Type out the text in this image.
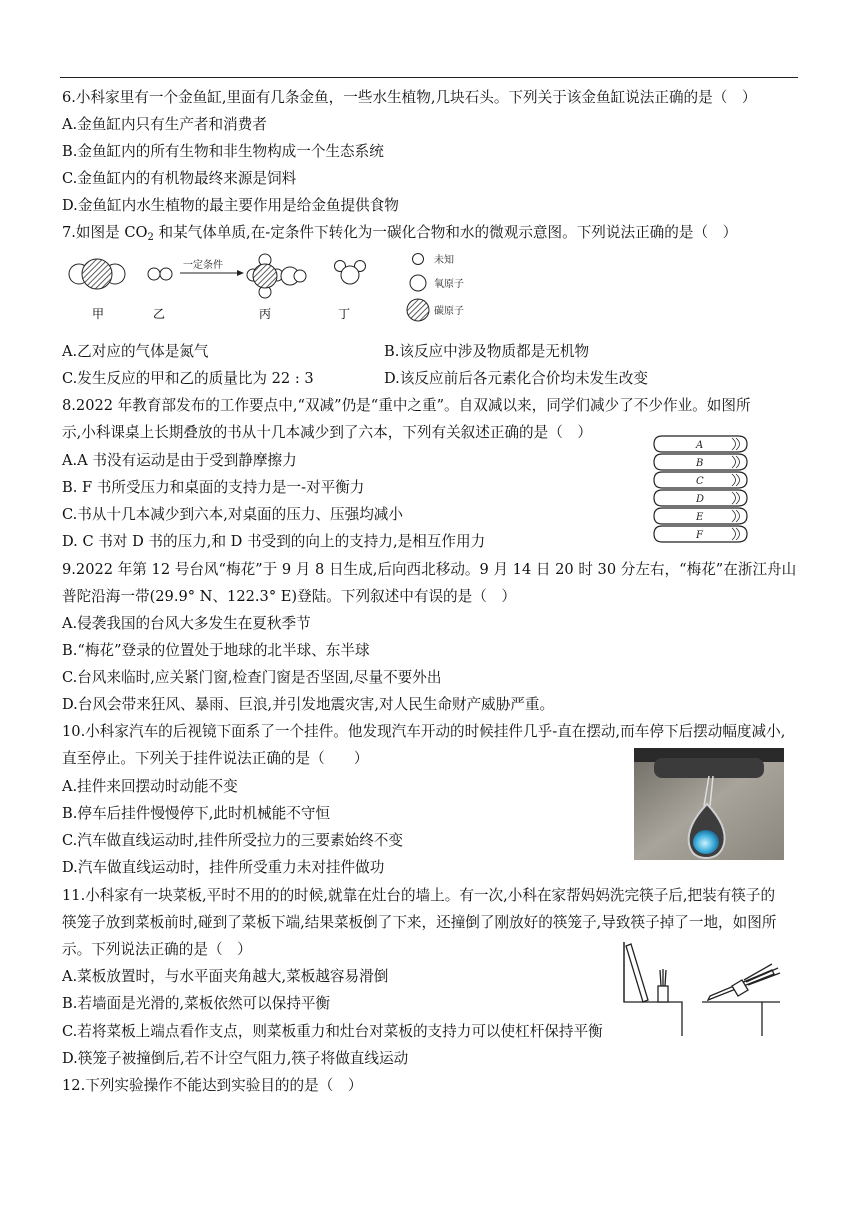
6.小科家里有一个金鱼缸,里面有几条金鱼，一些水生植物,几块石头。下列关于该金鱼缸说法正确的是（　）
A.金鱼缸内只有生产者和消费者
B.金鱼缸内的所有生物和非生物构成一个生态系统
C.金鱼缸内的有机物最终来源是饲料
D.金鱼缸内水生植物的最主要作用是给金鱼提供食物
7.如图是 $CO_2$ 和某气体单质,在-定条件下转化为一碳化合物和水的微观示意图。下列说法正确的是（　）
一定条件
甲	乙	丙	丁
未知
氧原子
碳原子
A.乙对应的气体是氮气	B.该反应中涉及物质都是无机物
C.发生反应的甲和乙的质量比为 22 : 3	D.该反应前后各元素化合价均未发生改变
8.2022 年教育部发布的工作要点中,“双减”仍是“重中之重”。自双减以来，同学们减少了不少作业。如图所
示,小科课桌上长期叠放的书从十几本减少到了六本，下列有关叙述正确的是（　）
A.A 书没有运动是由于受到静摩擦力
B. F 书所受压力和桌面的支持力是一-对平衡力
C.书从十几本减少到六本,对桌面的压力、压强均减小
D. C 书对 D 书的压力,和 D 书受到的向上的支持力,是相互作用力
A
B
C
D
E
F
9.2022 年第 12 号台风“梅花”于 9 月 8 日生成,后向西北移动。9 月 14 日 20 时 30 分左右，“梅花”在浙江舟山
普陀沿海一带(29.9° N、122.3° E)登陆。下列叙述中有误的是（　）
A.侵袭我国的台风大多发生在夏秋季节
B.“梅花”登录的位置处于地球的北半球、东半球
C.台风来临时,应关紧门窗,检查门窗是否坚固,尽量不要外出
D.台风会带来狂风、暴雨、巨浪,并引发地震灾害,对人民生命财产威胁严重。
10.小科家汽车的后视镜下面系了一个挂件。他发现汽车开动的时候挂件几乎-直在摆动,而车停下后摆动幅度减小,
直至停止。下列关于挂件说法正确的是（　　）
A.挂件来回摆动时动能不变
B.停车后挂件慢慢停下,此时机械能不守恒
C.汽车做直线运动时,挂件所受拉力的三要素始终不变
D.汽车做直线运动时，挂件所受重力未对挂件做功
11.小科家有一块菜板,平时不用的的时候,就靠在灶台的墙上。有一次,小科在家帮妈妈洗完筷子后,把装有筷子的
筷笼子放到菜板前时,碰到了菜板下端,结果菜板倒了下来，还撞倒了刚放好的筷笼子,导致筷子掉了一地，如图所
示。下列说法正确的是（　）
A.菜板放置时，与水平面夹角越大,菜板越容易滑倒
B.若墙面是光滑的,菜板依然可以保持平衡
C.若将菜板上端点看作支点，则菜板重力和灶台对菜板的支持力可以使杠杆保持平衡
D.筷笼子被撞倒后,若不计空气阻力,筷子将做直线运动
12.下列实验操作不能达到实验目的的是（　）
